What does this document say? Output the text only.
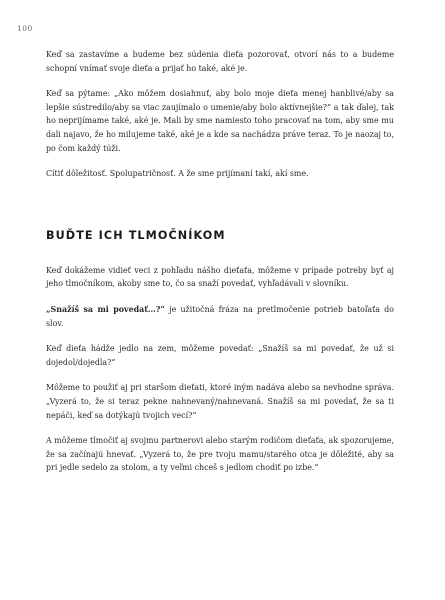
100

Keď sa zastavíme a budeme bez súdenia dieťa pozorovať, otvorí nás to a budeme schopní vnímať svoje dieťa a prijať ho také, aké je.

Keď sa pýtame: „Ako môžem dosiahnuť, aby bolo moje dieťa menej hanblivé/aby sa lepšie sústredilo/aby sa viac zaujímalo o umenie/aby bolo aktívnejšie?“ a tak ďalej, tak ho neprijímame také, aké je. Mali by sme namiesto toho pracovať na tom, aby sme mu dali najavo, že ho milujeme také, aké je a kde sa nachádza práve teraz. To je naozaj to, po čom každý túži.

Cítiť dôležitosť. Spolupatričnosť. A že sme prijímaní takí, akí sme.

BUĎTE ICH TLMOČNÍKOM

Keď dokážeme vidieť veci z pohľadu nášho dieťaťa, môžeme v prípade potreby byť aj jeho tlmočníkom, akoby sme to, čo sa snaží povedať, vyhľadávali v slovníku.

„Snažíš sa mi povedať…?“ je užitočná fráza na pretlmočenie potrieb batoľaťa do slov.

Keď dieťa hádže jedlo na zem, môžeme povedať: „Snažíš sa mi povedať, že už si dojedol/dojedla?“

Môžeme to použiť aj pri staršom dieťati, ktoré iným nadáva alebo sa nevhodne správa. „Vyzerá to, že si teraz pekne nahnevaný/nahnevaná. Snažíš sa mi povedať, že sa ti nepáči, keď sa dotýkajú tvojich vecí?“

A môžeme tlmočiť aj svojmu partnerovi alebo starým rodičom dieťaťa, ak spozorujeme, že sa začínajú hnevať. „Vyzerá to, že pre tvoju mamu/starého otca je dôležité, aby sa pri jedle sedelo za stolom, a ty veľmi chceš s jedlom chodiť po izbe.“
